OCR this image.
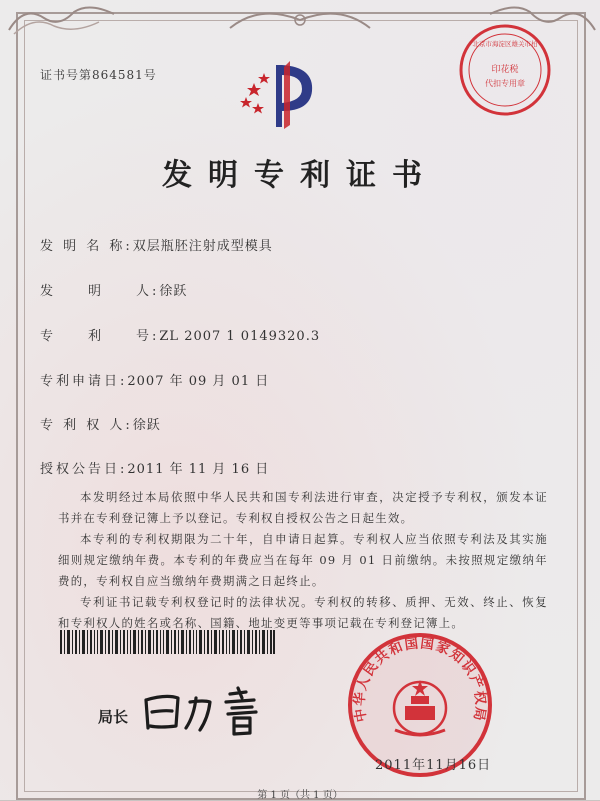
证书号第864581号
北京市海淀区雄关市柏
印花税
代扣专用章
发明专利证书
发 明 名 称:双层瓶胚注射成型模具
发　　明　　人:徐跃
专　　利　　号:ZL 2007 1 0149320.3
专利申请日:2007 年 09 月 01 日
专 利 权 人:徐跃
授权公告日:2011 年 11 月 16 日

本发明经过本局依照中华人民共和国专利法进行审查，决定授予专利权，颁发本证书并在专利登记簿上予以登记。专利权自授权公告之日起生效。

本专利的专利权期限为二十年，自申请日起算。专利权人应当依照专利法及其实施细则规定缴纳年费。本专利的年费应当在每年 09 月 01 日前缴纳。未按照规定缴纳年费的，专利权自应当缴纳年费期满之日起终止。

专利证书记载专利权登记时的法律状况。专利权的转移、质押、无效、终止、恢复和专利权人的姓名或名称、国籍、地址变更等事项记载在专利登记簿上。

局长	中华人民共和国国家知识产权局
2011年11月16日
第 1 页（共 1 页）
